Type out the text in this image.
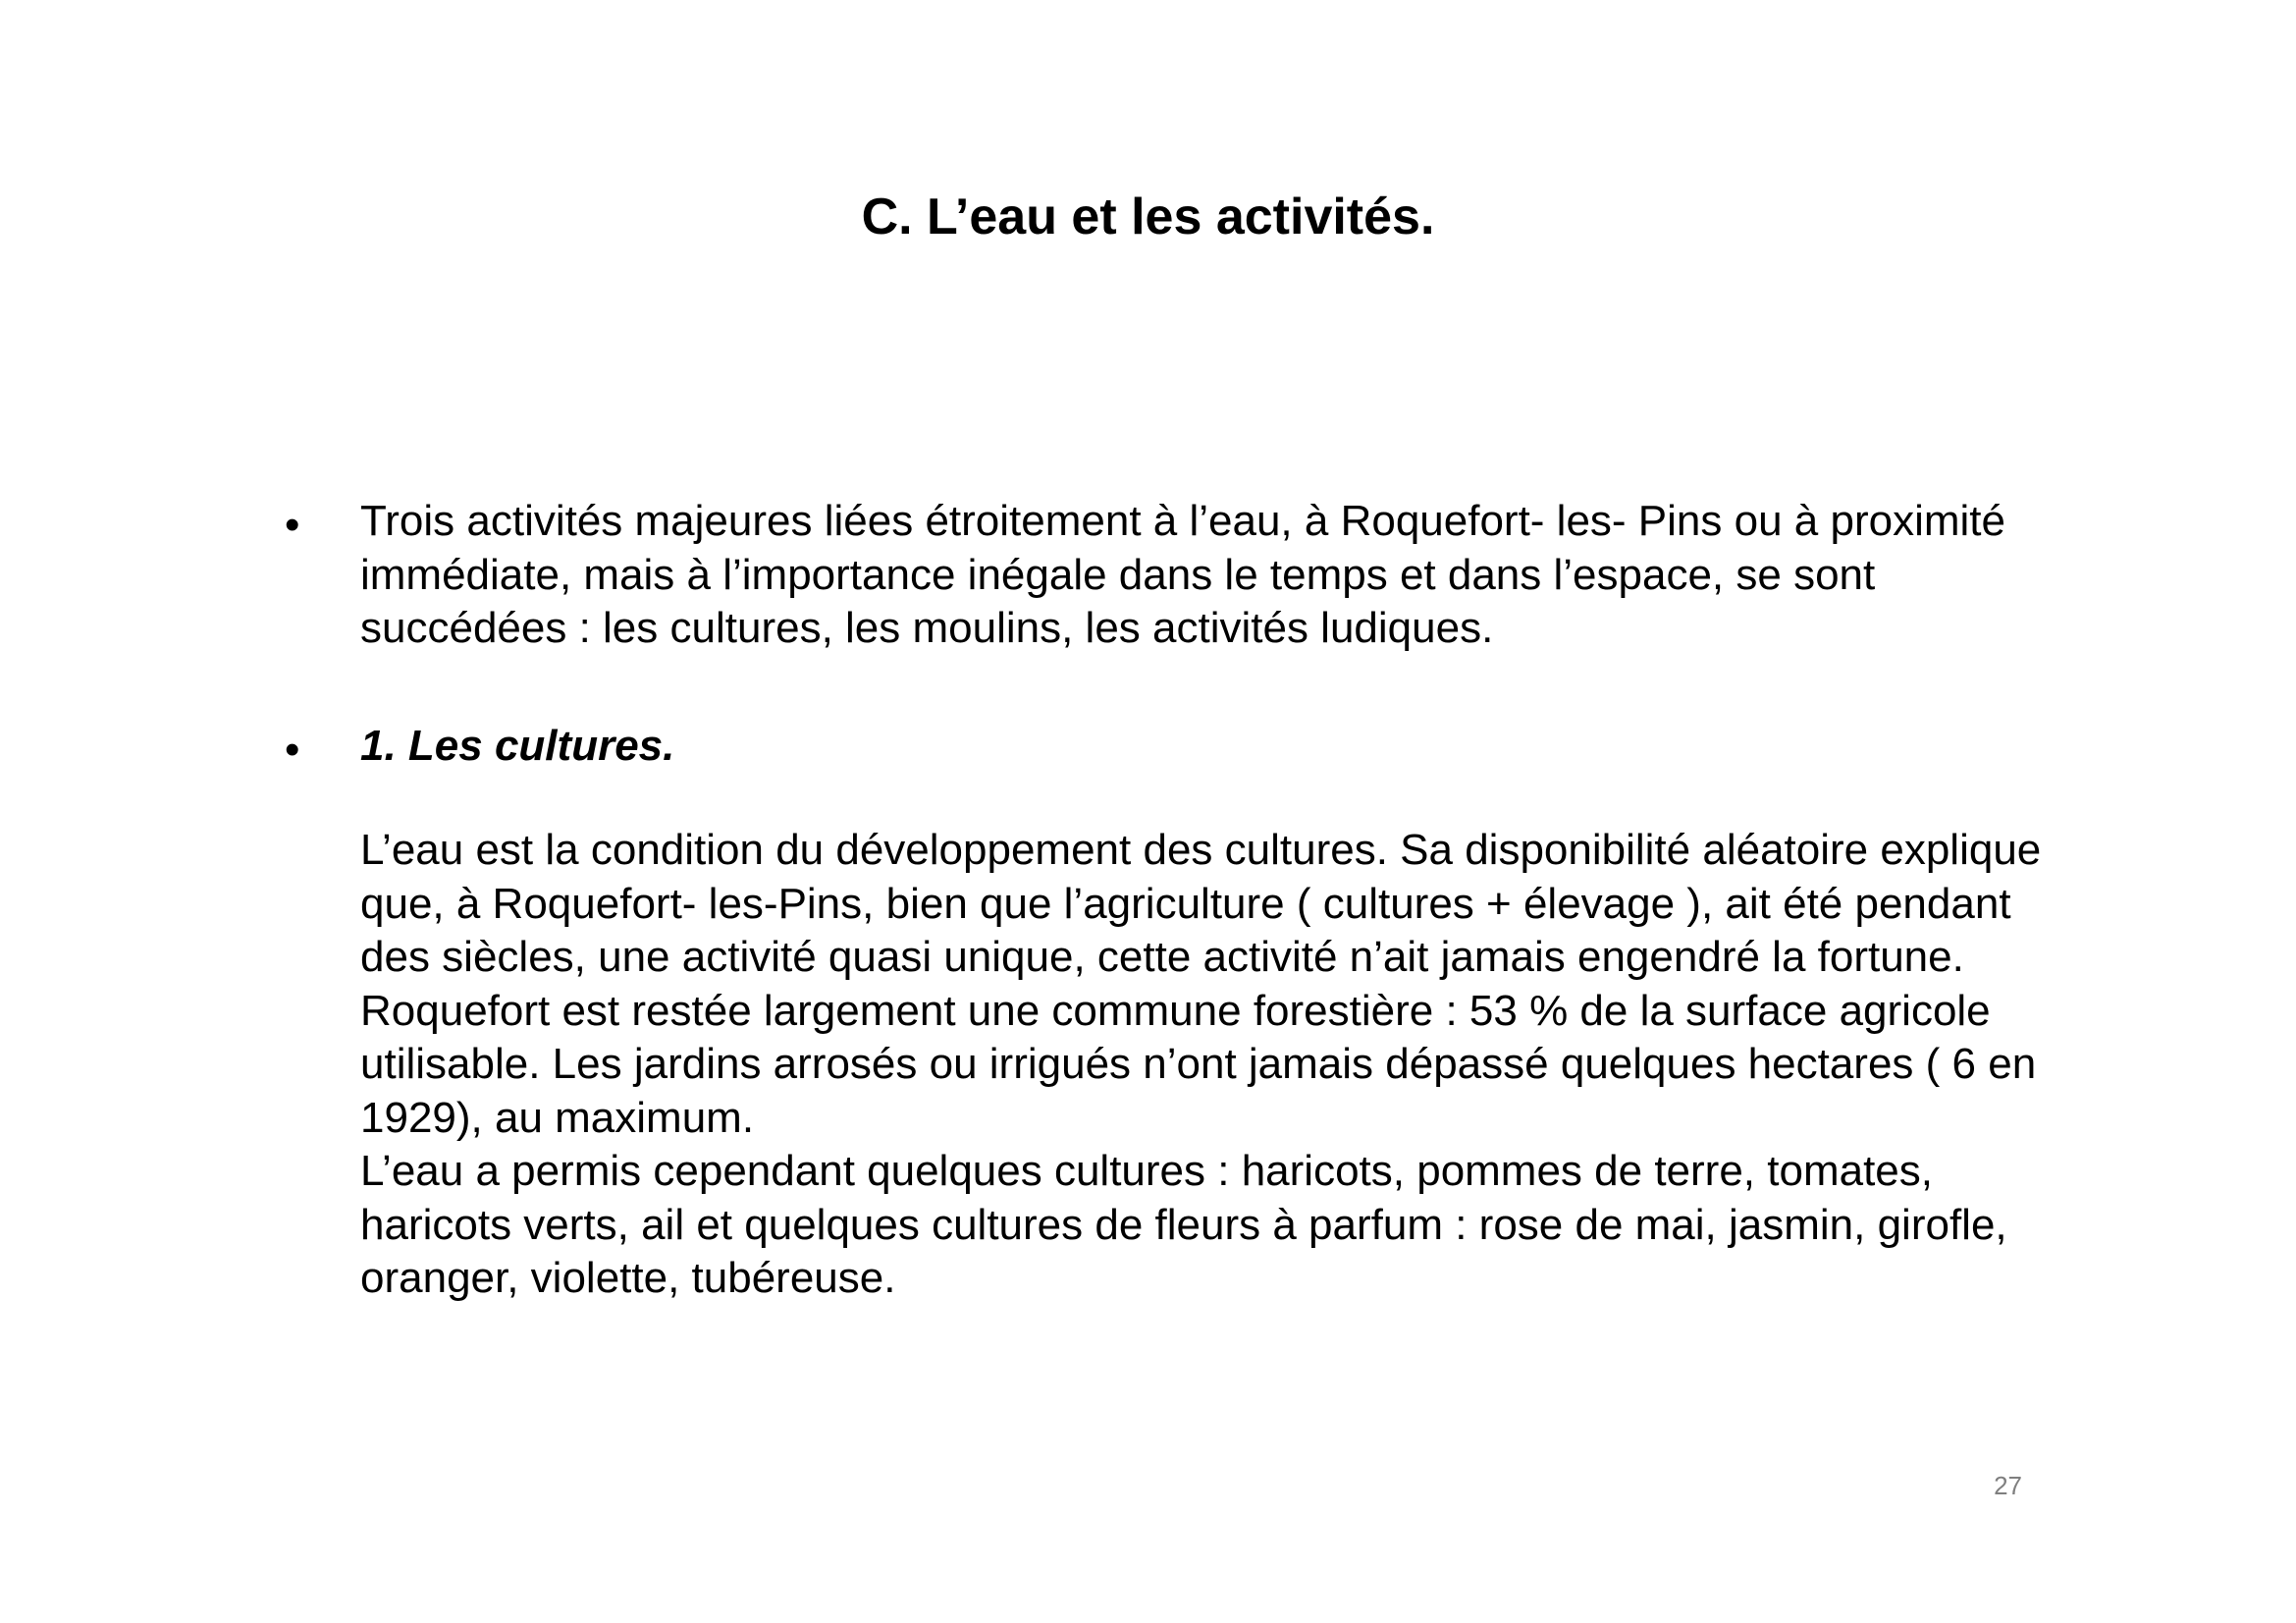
C. L’eau et les activités.
• Trois activités majeures liées étroitement à l’eau, à Roquefort- les- Pins ou à proximité immédiate, mais à l’importance inégale dans le temps et dans l’espace, se sont succédées : les cultures, les moulins, les activités ludiques.
• 1. Les cultures.
L’eau est la condition du développement des cultures. Sa disponibilité aléatoire explique que, à Roquefort- les-Pins, bien que l’agriculture ( cultures + élevage ), ait été pendant des siècles, une activité quasi unique, cette activité n’ait jamais engendré la fortune. Roquefort est restée largement une commune forestière : 53 % de la surface agricole utilisable. Les jardins arrosés ou irrigués n’ont jamais dépassé quelques hectares ( 6 en 1929), au maximum.
L’eau a permis cependant quelques cultures : haricots, pommes de terre, tomates, haricots verts, ail et quelques cultures de fleurs à parfum : rose de mai, jasmin, girofle, oranger, violette, tubéreuse.
27
